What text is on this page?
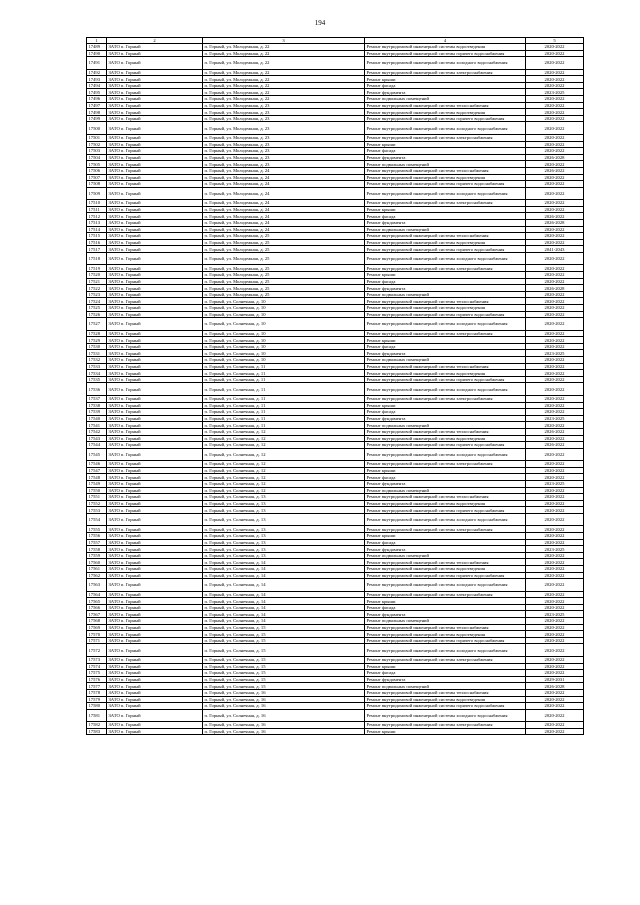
194
1	2	3	4	5
17489	ЗАТО п. Горный	п. Горный, ул. Молодежная, д. 22	Ремонт внутридомовой инженерной системы водоотведения	2020-2022
17490	ЗАТО п. Горный	п. Горный, ул. Молодежная, д. 22	Ремонт внутридомовой инженерной системы горячего водоснабжения	2020-2022
17491	ЗАТО п. Горный	п. Горный, ул. Молодежная, д. 22	Ремонт внутридомовой инженерной системы холодного водоснабжения	2020-2022
17492	ЗАТО п. Горный	п. Горный, ул. Молодежная, д. 22	Ремонт внутридомовой инженерной системы электроснабжения	2020-2022
17493	ЗАТО п. Горный	п. Горный, ул. Молодежная, д. 22	Ремонт крыши	2020-2022
17494	ЗАТО п. Горный	п. Горный, ул. Молодежная, д. 22	Ремонт фасада	2020-2022
17495	ЗАТО п. Горный	п. Горный, ул. Молодежная, д. 22	Ремонт фундамента	2023-2025
17496	ЗАТО п. Горный	п. Горный, ул. Молодежная, д. 22	Ремонт подвальных помещений	2020-2022
17497	ЗАТО п. Горный	п. Горный, ул. Молодежная, д. 23	Ремонт внутридомовой инженерной системы теплоснабжения	2020-2022
17498	ЗАТО п. Горный	п. Горный, ул. Молодежная, д. 23	Ремонт внутридомовой инженерной системы водоотведения	2020-2022
17499	ЗАТО п. Горный	п. Горный, ул. Молодежная, д. 23	Ремонт внутридомовой инженерной системы горячего водоснабжения	2020-2022
17500	ЗАТО п. Горный	п. Горный, ул. Молодежная, д. 23	Ремонт внутридомовой инженерной системы холодного водоснабжения	2020-2022
17501	ЗАТО п. Горный	п. Горный, ул. Молодежная, д. 23	Ремонт внутридомовой инженерной системы электроснабжения	2020-2022
17502	ЗАТО п. Горный	п. Горный, ул. Молодежная, д. 23	Ремонт крыши	2020-2022
17503	ЗАТО п. Горный	п. Горный, ул. Молодежная, д. 23	Ремонт фасада	2020-2022
17504	ЗАТО п. Горный	п. Горный, ул. Молодежная, д. 23	Ремонт фундамента	2026-2028
17505	ЗАТО п. Горный	п. Горный, ул. Молодежная, д. 23	Ремонт подвальных помещений	2020-2022
17506	ЗАТО п. Горный	п. Горный, ул. Молодежная, д. 24	Ремонт внутридомовой инженерной системы теплоснабжения	2026-2022
17507	ЗАТО п. Горный	п. Горный, ул. Молодежная, д. 24	Ремонт внутридомовой инженерной системы водоотведения	2020-2022
17508	ЗАТО п. Горный	п. Горный, ул. Молодежная, д. 24	Ремонт внутридомовой инженерной системы горячего водоснабжения	2020-2022
17509	ЗАТО п. Горный	п. Горный, ул. Молодежная, д. 24	Ремонт внутридомовой инженерной системы холодного водоснабжения	2020-2022
17510	ЗАТО п. Горный	п. Горный, ул. Молодежная, д. 24	Ремонт внутридомовой инженерной системы электроснабжения	2020-2022
17511	ЗАТО п. Горный	п. Горный, ул. Молодежная, д. 24	Ремонт крыши	2020-2022
17512	ЗАТО п. Горный	п. Горный, ул. Молодежная, д. 24	Ремонт фасада	2026-2022
17513	ЗАТО п. Горный	п. Горный, ул. Молодежная, д. 24	Ремонт фундамента	2026-2028
17514	ЗАТО п. Горный	п. Горный, ул. Молодежная, д. 24	Ремонт подвальных помещений	2020-2022
17515	ЗАТО п. Горный	п. Горный, ул. Молодежная, д. 25	Ремонт внутридомовой инженерной системы теплоснабжения	2020-2022
17516	ЗАТО п. Горный	п. Горный, ул. Молодежная, д. 25	Ремонт внутридомовой инженерной системы водоотведения	2020-2022
17517	ЗАТО п. Горный	п. Горный, ул. Молодежная, д. 25	Ремонт внутридомовой инженерной системы горячего водоснабжения	2041-2043
17518	ЗАТО п. Горный	п. Горный, ул. Молодежная, д. 25	Ремонт внутридомовой инженерной системы холодного водоснабжения	2020-2022
17519	ЗАТО п. Горный	п. Горный, ул. Молодежная, д. 25	Ремонт внутридомовой инженерной системы электроснабжения	2020-2022
17520	ЗАТО п. Горный	п. Горный, ул. Молодежная, д. 25	Ремонт крыши	2020-2022
17521	ЗАТО п. Горный	п. Горный, ул. Молодежная, д. 25	Ремонт фасада	2020-2022
17522	ЗАТО п. Горный	п. Горный, ул. Молодежная, д. 25	Ремонт фундамента	2026-2028
17523	ЗАТО п. Горный	п. Горный, ул. Молодежная, д. 25	Ремонт подвальных помещений	2020-2022
17524	ЗАТО п. Горный	п. Горный, ул. Солнечная, д. 10	Ремонт внутридомовой инженерной системы теплоснабжения	2020-2022
17525	ЗАТО п. Горный	п. Горный, ул. Солнечная, д. 10	Ремонт внутридомовой инженерной системы водоотведения	2020-2022
17526	ЗАТО п. Горный	п. Горный, ул. Солнечная, д. 10	Ремонт внутридомовой инженерной системы горячего водоснабжения	2020-2022
17527	ЗАТО п. Горный	п. Горный, ул. Солнечная, д. 10	Ремонт внутридомовой инженерной системы холодного водоснабжения	2020-2022
17528	ЗАТО п. Горный	п. Горный, ул. Солнечная, д. 10	Ремонт внутридомовой инженерной системы электроснабжения	2020-2022
17529	ЗАТО п. Горный	п. Горный, ул. Солнечная, д. 10	Ремонт крыши	2020-2022
17530	ЗАТО п. Горный	п. Горный, ул. Солнечная, д. 10	Ремонт фасада	2020-2022
17531	ЗАТО п. Горный	п. Горный, ул. Солнечная, д. 10	Ремонт фундамента	2023-2025
17532	ЗАТО п. Горный	п. Горный, ул. Солнечная, д. 10	Ремонт подвальных помещений	2020-2022
17533	ЗАТО п. Горный	п. Горный, ул. Солнечная, д. 11	Ремонт внутридомовой инженерной системы теплоснабжения	2020-2022
17534	ЗАТО п. Горный	п. Горный, ул. Солнечная, д. 11	Ремонт внутридомовой инженерной системы водоотведения	2020-2022
17535	ЗАТО п. Горный	п. Горный, ул. Солнечная, д. 11	Ремонт внутридомовой инженерной системы горячего водоснабжения	2020-2022
17536	ЗАТО п. Горный	п. Горный, ул. Солнечная, д. 11	Ремонт внутридомовой инженерной системы холодного водоснабжения	2020-2022
17537	ЗАТО п. Горный	п. Горный, ул. Солнечная, д. 11	Ремонт внутридомовой инженерной системы электроснабжения	2020-2022
17538	ЗАТО п. Горный	п. Горный, ул. Солнечная, д. 11	Ремонт крыши	2020-2022
17539	ЗАТО п. Горный	п. Горный, ул. Солнечная, д. 11	Ремонт фасада	2020-2022
17540	ЗАТО п. Горный	п. Горный, ул. Солнечная, д. 11	Ремонт фундамента	2023-2025
17541	ЗАТО п. Горный	п. Горный, ул. Солнечная, д. 11	Ремонт подвальных помещений	2020-2022
17542	ЗАТО п. Горный	п. Горный, ул. Солнечная, д. 12	Ремонт внутридомовой инженерной системы теплоснабжения	2026-2022
17543	ЗАТО п. Горный	п. Горный, ул. Солнечная, д. 12	Ремонт внутридомовой инженерной системы водоотведения	2020-2022
17544	ЗАТО п. Горный	п. Горный, ул. Солнечная, д. 12	Ремонт внутридомовой инженерной системы горячего водоснабжения	2026-2022
17545	ЗАТО п. Горный	п. Горный, ул. Солнечная, д. 12	Ремонт внутридомовой инженерной системы холодного водоснабжения	2020-2022
17546	ЗАТО п. Горный	п. Горный, ул. Солнечная, д. 12	Ремонт внутридомовой инженерной системы электроснабжения	2020-2022
17547	ЗАТО п. Горный	п. Горный, ул. Солнечная, д. 12	Ремонт крыши	2020-2022
17548	ЗАТО п. Горный	п. Горный, ул. Солнечная, д. 12	Ремонт фасада	2020-2022
17549	ЗАТО п. Горный	п. Горный, ул. Солнечная, д. 12	Ремонт фундамента	2023-2025
17550	ЗАТО п. Горный	п. Горный, ул. Солнечная, д. 12	Ремонт подвальных помещений	2020-2022
17551	ЗАТО п. Горный	п. Горный, ул. Солнечная, д. 13	Ремонт внутридомовой инженерной системы теплоснабжения	2020-2022
17552	ЗАТО п. Горный	п. Горный, ул. Солнечная, д. 13	Ремонт внутридомовой инженерной системы водоотведения	2020-2022
17553	ЗАТО п. Горный	п. Горный, ул. Солнечная, д. 13	Ремонт внутридомовой инженерной системы горячего водоснабжения	2020-2022
17554	ЗАТО п. Горный	п. Горный, ул. Солнечная, д. 13	Ремонт внутридомовой инженерной системы холодного водоснабжения	2020-2022
17555	ЗАТО п. Горный	п. Горный, ул. Солнечная, д. 13	Ремонт внутридомовой инженерной системы электроснабжения	2020-2022
17556	ЗАТО п. Горный	п. Горный, ул. Солнечная, д. 13	Ремонт крыши	2020-2022
17557	ЗАТО п. Горный	п. Горный, ул. Солнечная, д. 13	Ремонт фасада	2020-2022
17558	ЗАТО п. Горный	п. Горный, ул. Солнечная, д. 13	Ремонт фундамента	2023-2025
17559	ЗАТО п. Горный	п. Горный, ул. Солнечная, д. 13	Ремонт подвальных помещений	2020-2022
17560	ЗАТО п. Горный	п. Горный, ул. Солнечная, д. 14	Ремонт внутридомовой инженерной системы теплоснабжения	2020-2022
17561	ЗАТО п. Горный	п. Горный, ул. Солнечная, д. 14	Ремонт внутридомовой инженерной системы водоотведения	2020-2022
17562	ЗАТО п. Горный	п. Горный, ул. Солнечная, д. 14	Ремонт внутридомовой инженерной системы горячего водоснабжения	2020-2022
17563	ЗАТО п. Горный	п. Горный, ул. Солнечная, д. 14	Ремонт внутридомовой инженерной системы холодного водоснабжения	2020-2022
17564	ЗАТО п. Горный	п. Горный, ул. Солнечная, д. 14	Ремонт внутридомовой инженерной системы электроснабжения	2020-2022
17565	ЗАТО п. Горный	п. Горный, ул. Солнечная, д. 14	Ремонт крыши	2020-2022
17566	ЗАТО п. Горный	п. Горный, ул. Солнечная, д. 14	Ремонт фасада	2020-2022
17567	ЗАТО п. Горный	п. Горный, ул. Солнечная, д. 14	Ремонт фундамента	2023-2025
17568	ЗАТО п. Горный	п. Горный, ул. Солнечная, д. 14	Ремонт подвальных помещений	2020-2022
17569	ЗАТО п. Горный	п. Горный, ул. Солнечная, д. 15	Ремонт внутридомовой инженерной системы теплоснабжения	2020-2022
17570	ЗАТО п. Горный	п. Горный, ул. Солнечная, д. 15	Ремонт внутридомовой инженерной системы водоотведения	2020-2022
17571	ЗАТО п. Горный	п. Горный, ул. Солнечная, д. 15	Ремонт внутридомовой инженерной системы горячего водоснабжения	2020-2022
17572	ЗАТО п. Горный	п. Горный, ул. Солнечная, д. 15	Ремонт внутридомовой инженерной системы холодного водоснабжения	2020-2022
17573	ЗАТО п. Горный	п. Горный, ул. Солнечная, д. 15	Ремонт внутридомовой инженерной системы электроснабжения	2020-2022
17574	ЗАТО п. Горный	п. Горный, ул. Солнечная, д. 15	Ремонт крыши	2020-2022
17575	ЗАТО п. Горный	п. Горный, ул. Солнечная, д. 15	Ремонт фасада	2020-2022
17576	ЗАТО п. Горный	п. Горный, ул. Солнечная, д. 15	Ремонт фундамента	2029-2031
17577	ЗАТО п. Горный	п. Горный, ул. Солнечная, д. 15	Ремонт подвальных помещений	2026-2028
17578	ЗАТО п. Горный	п. Горный, ул. Солнечная, д. 16	Ремонт внутридомовой инженерной системы теплоснабжения	2020-2022
17579	ЗАТО п. Горный	п. Горный, ул. Солнечная, д. 16	Ремонт внутридомовой инженерной системы водоотведения	2020-2022
17580	ЗАТО п. Горный	п. Горный, ул. Солнечная, д. 16	Ремонт внутридомовой инженерной системы горячего водоснабжения	2020-2022
17581	ЗАТО п. Горный	п. Горный, ул. Солнечная, д. 16	Ремонт внутридомовой инженерной системы холодного водоснабжения	2020-2022
17582	ЗАТО п. Горный	п. Горный, ул. Солнечная, д. 16	Ремонт внутридомовой инженерной системы электроснабжения	2020-2022
17583	ЗАТО п. Горный	п. Горный, ул. Солнечная, д. 16	Ремонт крыши	2020-2022
